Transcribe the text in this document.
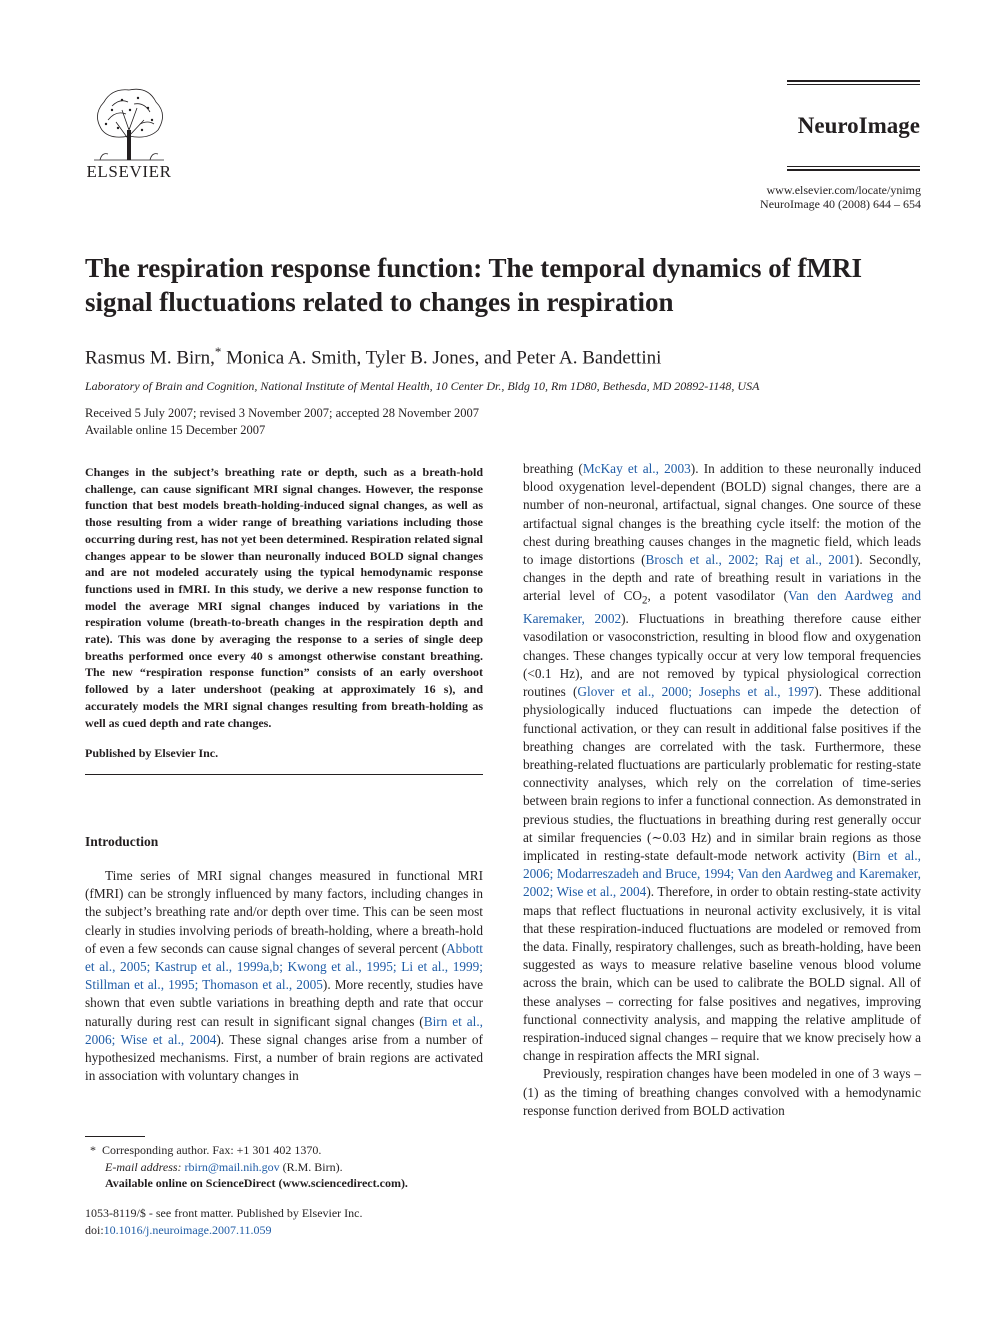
ELSEVIER
NeuroImage
www.elsevier.com/locate/ynimg
NeuroImage 40 (2008) 644 – 654
The respiration response function: The temporal dynamics of fMRI signal fluctuations related to changes in respiration
Rasmus M. Birn,* Monica A. Smith, Tyler B. Jones, and Peter A. Bandettini
Laboratory of Brain and Cognition, National Institute of Mental Health, 10 Center Dr., Bldg 10, Rm 1D80, Bethesda, MD 20892-1148, USA
Received 5 July 2007; revised 3 November 2007; accepted 28 November 2007
Available online 15 December 2007
Changes in the subject’s breathing rate or depth, such as a breath-hold challenge, can cause significant MRI signal changes. However, the response function that best models breath-holding-induced signal changes, as well as those resulting from a wider range of breathing variations including those occurring during rest, has not yet been determined. Respiration related signal changes appear to be slower than neuronally induced BOLD signal changes and are not modeled accurately using the typical hemodynamic response functions used in fMRI. In this study, we derive a new response function to model the average MRI signal changes induced by variations in the respiration volume (breath-to-breath changes in the respiration depth and rate). This was done by averaging the response to a series of single deep breaths performed once every 40 s amongst otherwise constant breathing. The new “respiration response function” consists of an early overshoot followed by a later undershoot (peaking at approximately 16 s), and accurately models the MRI signal changes resulting from breath-holding as well as cued depth and rate changes.
Published by Elsevier Inc.
Introduction

Time series of MRI signal changes measured in functional MRI (fMRI) can be strongly influenced by many factors, including changes in the subject’s breathing rate and/or depth over time. This can be seen most clearly in studies involving periods of breath-holding, where a breath-hold of even a few seconds can cause signal changes of several percent (Abbott et al., 2005; Kastrup et al., 1999a,b; Kwong et al., 1995; Li et al., 1999; Stillman et al., 1995; Thomason et al., 2005). More recently, studies have shown that even subtle variations in breathing depth and rate that occur naturally during rest can result in significant signal changes (Birn et al., 2006; Wise et al., 2004). These signal changes arise from a number of hypothesized mechanisms. First, a number of brain regions are activated in association with voluntary changes in

breathing (McKay et al., 2003). In addition to these neuronally induced blood oxygenation level-dependent (BOLD) signal changes, there are a number of non-neuronal, artifactual, signal changes. One source of these artifactual signal changes is the breathing cycle itself: the motion of the chest during breathing causes changes in the magnetic field, which leads to image distortions (Brosch et al., 2002; Raj et al., 2001). Secondly, changes in the depth and rate of breathing result in variations in the arterial level of $CO_2$, a potent vasodilator (Van den Aardweg and Karemaker, 2002). Fluctuations in breathing therefore cause either vasodilation or vasoconstriction, resulting in blood flow and oxygenation changes. These changes typically occur at very low temporal frequencies (<0.1 Hz), and are not removed by typical physiological correction routines (Glover et al., 2000; Josephs et al., 1997). These additional physiologically induced fluctuations can impede the detection of functional activation, or they can result in additional false positives if the breathing changes are correlated with the task. Furthermore, these breathing-related fluctuations are particularly problematic for resting-state connectivity analyses, which rely on the correlation of time-series between brain regions to infer a functional connection. As demonstrated in previous studies, the fluctuations in breathing during rest generally occur at similar frequencies (∼0.03 Hz) and in similar brain regions as those implicated in resting-state default-mode network activity (Birn et al., 2006; Modarreszadeh and Bruce, 1994; Van den Aardweg and Karemaker, 2002; Wise et al., 2004). Therefore, in order to obtain resting-state activity maps that reflect fluctuations in neuronal activity exclusively, it is vital that these respiration-induced fluctuations are modeled or removed from the data. Finally, respiratory challenges, such as breath-holding, have been suggested as ways to measure relative baseline venous blood volume across the brain, which can be used to calibrate the BOLD signal. All of these analyses – correcting for false positives and negatives, improving functional connectivity analysis, and mapping the relative amplitude of respiration-induced signal changes – require that we know precisely how a change in respiration affects the MRI signal.

Previously, respiration changes have been modeled in one of 3 ways – (1) as the timing of breathing changes convolved with a hemodynamic response function derived from BOLD activation

* Corresponding author. Fax: +1 301 402 1370.
E-mail address: rbirn@mail.nih.gov (R.M. Birn).
Available online on ScienceDirect (www.sciencedirect.com).
1053-8119/$ - see front matter. Published by Elsevier Inc.
doi:10.1016/j.neuroimage.2007.11.059
